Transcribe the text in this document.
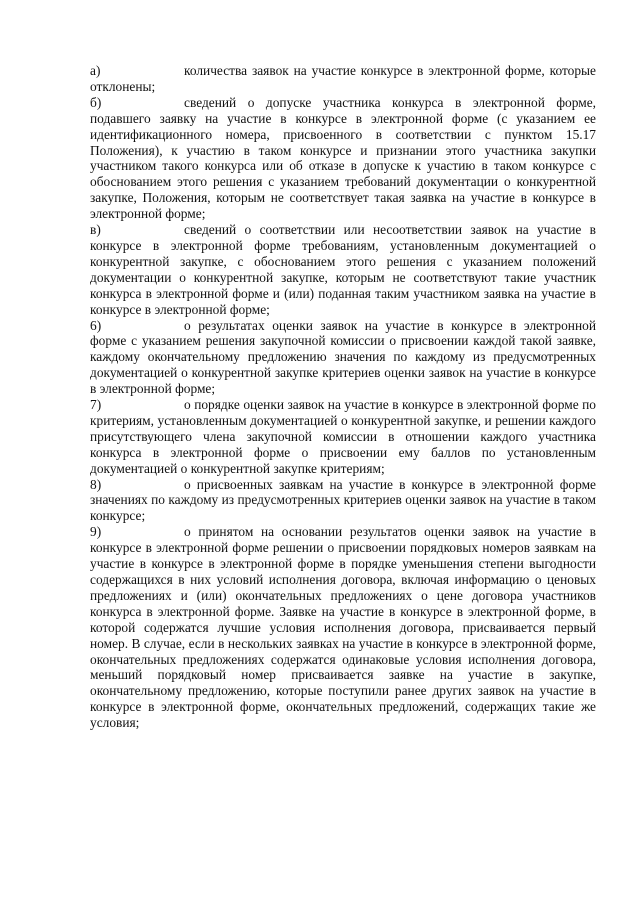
а)	количества заявок на участие конкурсе в электронной форме, которые отклонены;

б)	сведений о допуске участника конкурса в электронной форме, подавшего заявку на участие в конкурсе в электронной форме (с указанием ее идентификационного номера, присвоенного в соответствии с пунктом 15.17 Положения), к участию в таком конкурсе и признании этого участника закупки участником такого конкурса или об отказе в допуске к участию в таком конкурсе с обоснованием этого решения с указанием требований документации о конкурентной закупке, Положения, которым не соответствует такая заявка на участие в конкурсе в электронной форме;

в)	сведений о соответствии или несоответствии заявок на участие в конкурсе в электронной форме требованиям, установленным документацией о конкурентной закупке, с обоснованием этого решения с указанием положений документации о конкурентной закупке, которым не соответствуют такие участник конкурса в электронной форме и (или) поданная таким участником заявка на участие в конкурсе в электронной форме;

6)	о результатах оценки заявок на участие в конкурсе в электронной форме с указанием решения закупочной комиссии о присвоении каждой такой заявке, каждому окончательному предложению значения по каждому из предусмотренных документацией о конкурентной закупке критериев оценки заявок на участие в конкурсе в электронной форме;

7)	о порядке оценки заявок на участие в конкурсе в электронной форме по критериям, установленным документацией о конкурентной закупке, и решении каждого присутствующего члена закупочной комиссии в отношении каждого участника конкурса в электронной форме о присвоении ему баллов по установленным документацией о конкурентной закупке критериям;

8)	о присвоенных заявкам на участие в конкурсе в электронной форме значениях по каждому из предусмотренных критериев оценки заявок на участие в таком конкурсе;

9)	о принятом на основании результатов оценки заявок на участие в конкурсе в электронной форме решении о присвоении порядковых номеров заявкам на участие в конкурсе в электронной форме в порядке уменьшения степени выгодности содержащихся в них условий исполнения договора, включая информацию о ценовых предложениях и (или) окончательных предложениях о цене договора участников конкурса в электронной форме. Заявке на участие в конкурсе в электронной форме, в которой содержатся лучшие условия исполнения договора, присваивается первый номер. В случае, если в нескольких заявках на участие в конкурсе в электронной форме, окончательных предложениях содержатся одинаковые условия исполнения договора, меньший порядковый номер присваивается заявке на участие в закупке, окончательному предложению, которые поступили ранее других заявок на участие в конкурсе в электронной форме, окончательных предложений, содержащих такие же условия;
